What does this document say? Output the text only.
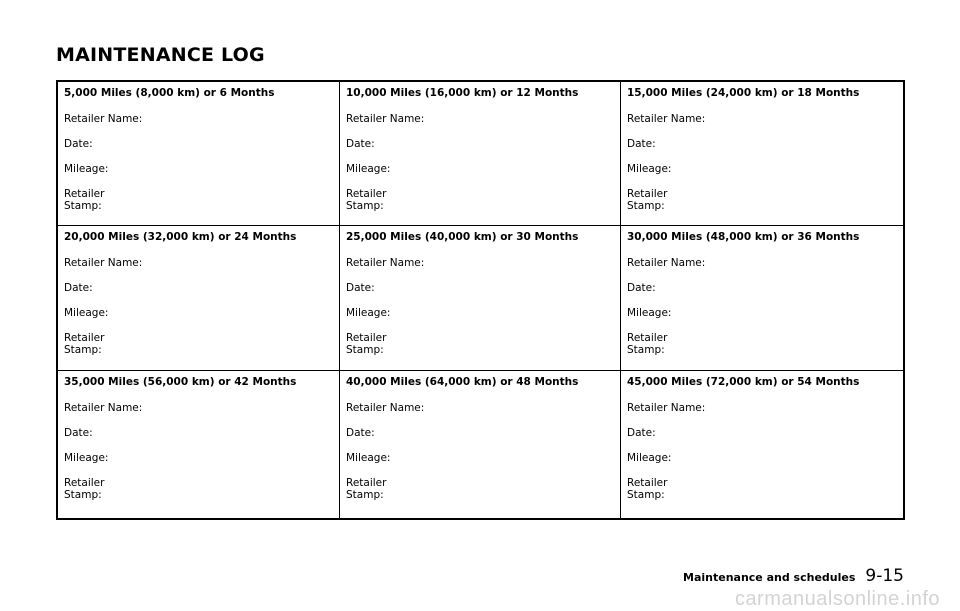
MAINTENANCE LOG
5,000 Miles (8,000 km) or 6 Months
Retailer Name:
Date:
Mileage:
Retailer
Stamp:
10,000 Miles (16,000 km) or 12 Months
Retailer Name:
Date:
Mileage:
Retailer
Stamp:
15,000 Miles (24,000 km) or 18 Months
Retailer Name:
Date:
Mileage:
Retailer
Stamp:
20,000 Miles (32,000 km) or 24 Months
Retailer Name:
Date:
Mileage:
Retailer
Stamp:
25,000 Miles (40,000 km) or 30 Months
Retailer Name:
Date:
Mileage:
Retailer
Stamp:
30,000 Miles (48,000 km) or 36 Months
Retailer Name:
Date:
Mileage:
Retailer
Stamp:
35,000 Miles (56,000 km) or 42 Months
Retailer Name:
Date:
Mileage:
Retailer
Stamp:
40,000 Miles (64,000 km) or 48 Months
Retailer Name:
Date:
Mileage:
Retailer
Stamp:
45,000 Miles (72,000 km) or 54 Months
Retailer Name:
Date:
Mileage:
Retailer
Stamp:
Maintenance and schedules 9-15
carmanualsonline.info
